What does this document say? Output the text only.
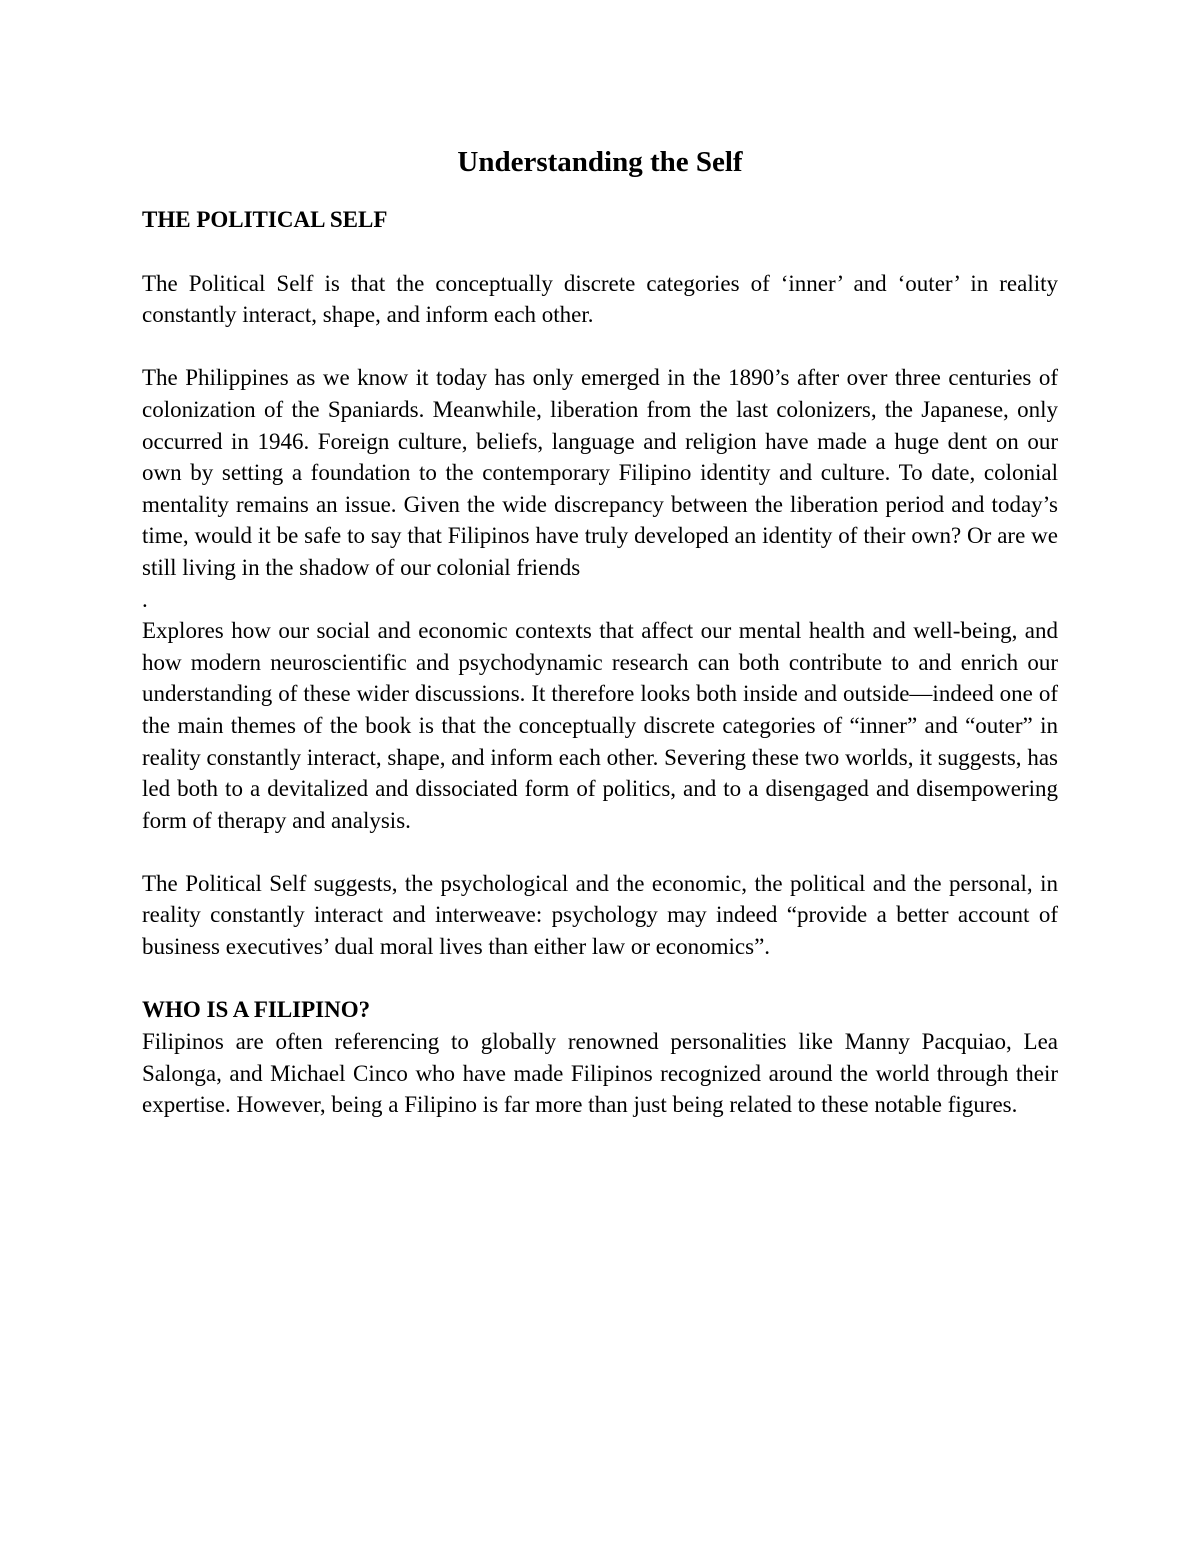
Understanding the Self

THE POLITICAL SELF

The Political Self is that the conceptually discrete categories of ‘inner’ and ‘outer’ in reality constantly interact, shape, and inform each other.

The Philippines as we know it today has only emerged in the 1890’s after over three centuries of colonization of the Spaniards. Meanwhile, liberation from the last colonizers, the Japanese, only occurred in 1946. Foreign culture, beliefs, language and religion have made a huge dent on our own by setting a foundation to the contemporary Filipino identity and culture. To date, colonial mentality remains an issue. Given the wide discrepancy between the liberation period and today’s time, would it be safe to say that Filipinos have truly developed an identity of their own? Or are we still living in the shadow of our colonial friends

.

Explores how our social and economic contexts that affect our mental health and well-being, and how modern neuroscientific and psychodynamic research can both contribute to and enrich our understanding of these wider discussions. It therefore looks both inside and outside—indeed one of the main themes of the book is that the conceptually discrete categories of “inner” and “outer” in reality constantly interact, shape, and inform each other. Severing these two worlds, it suggests, has led both to a devitalized and dissociated form of politics, and to a disengaged and disempowering form of therapy and analysis.

The Political Self suggests, the psychological and the economic, the political and the personal, in reality constantly interact and interweave: psychology may indeed “provide a better account of business executives’ dual moral lives than either law or economics”.

WHO IS A FILIPINO?

Filipinos are often referencing to globally renowned personalities like Manny Pacquiao, Lea Salonga, and Michael Cinco who have made Filipinos recognized around the world through their expertise. However, being a Filipino is far more than just being related to these notable figures.
